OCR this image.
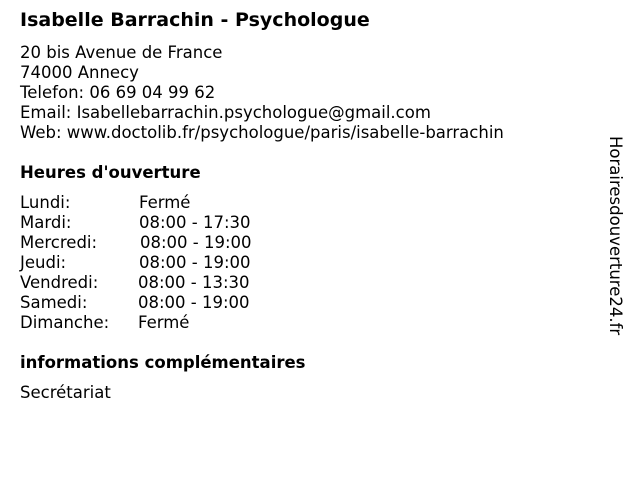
Isabelle Barrachin - Psychologue
20 bis Avenue de France
74000 Annecy
Telefon: 06 69 04 99 62
Email: Isabellebarrachin.psychologue@gmail.com
Web: www.doctolib.fr/psychologue/paris/isabelle-barrachin
Heures d'ouverture
Lundi:	Fermé
Mardi:	08:00 - 17:30
Mercredi:	08:00 - 19:00
Jeudi:	08:00 - 19:00
Vendredi: 08:00 - 13:30
Samedi:	08:00 - 19:00
Dimanche: Fermé
informations complémentaires
Secrétariat
Horairesdouverture24.fr
